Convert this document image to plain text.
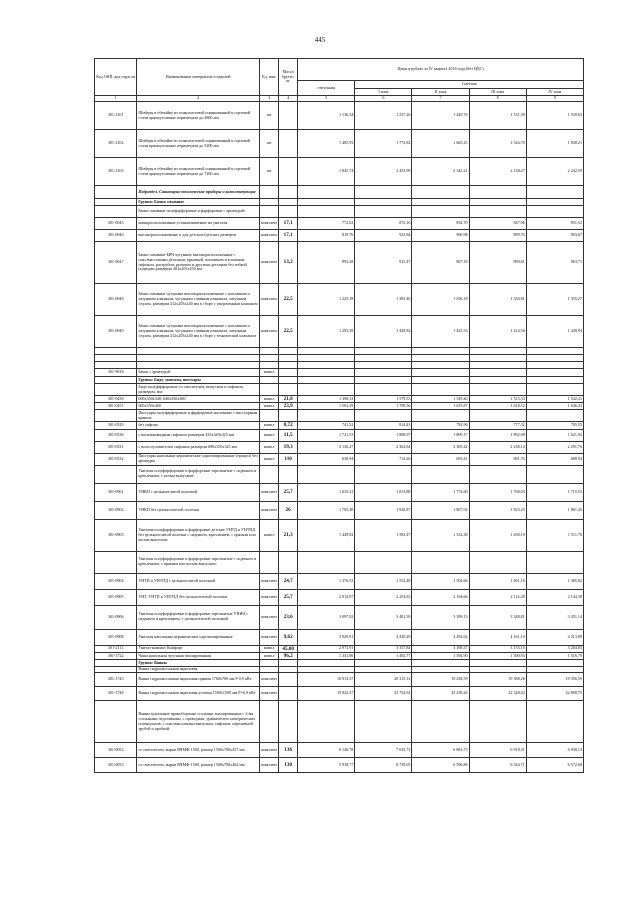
445
Код ОКП, код отрасли	Наименование материалов и изделий	Ед. изм.	Масса брутто, кг	Цены в рублях за IV квартал 2016 года (без НДС)				
				отпускная	Сметная			
					I зона	II зона	III зона	IV зона
1	2	3	4	5	6	7	8	9
301-2101	Шиберы в обечайке из тонколистовой оцинкованной и сортовой стали прямоугольные периметром до 4800 мм	шт		1 136,34	1 537,26	1 449,76	1 531,39	1 539,63
301-2102	Шиберы в обечайке из тонколистовой оцинкованной и сортовой стали прямоугольные периметром до 5200 мм	шт		1 485,93	1 772,82	1 665,25	1 544,70	1 838,21
301-2103	Шиберы в обечайке из тонколистовой оцинкованной и сортовой стали прямоугольные периметром до 7200 мм	шт		1 845,74	2 453,99	2 345,21	2 138,27	2 242,59
	Подраздел. Санитарно-технические приборы и комплектующие							
	Группа: Бачки смывные							
	Бачки смывные полуфарфоровые и фарфоровые с арматурой:							
301-0045	низкорасположенные устанавливаемые на унитазы	комплект	17,1	772,02	872,16	854,70	847,96	851,52
301-0046	высокорасположенные и для детского/детских размеров	комплект	17,1	819,76	923,84	900,98	899,76	903,67
301-0047	Бачки смывные БВЧ чугунные высокорасположенные с пластмассовыми деталями: крышкой, поплавком и клапаном, сифоном, раструбом, рычагом и другими деталями без гибкой подводки размером 402х205х250 мм	комплект	13,2	893,28	915,47	867,18	899,61	963,71
301-0048	Бачки смывные чугунные высокорасположенные с поплавком и латунным клапаном, чугунным сливным клапаном, латунным седлом, размером 412х205х240 мм в сборе с укороченным клапаном	комплект	22,5	1 225,18	1 383,40	1 356,18	1 330,81	1 355,27
301-0049	Бачки смывные чугунные высокорасположенные с поплавком и латунным клапаном, чугунным сливным клапаном, латунным седлом, размером 412х205х240 мм в сборе с технической клапаном	комплект	22,5	1 293,39	1 449,82	1 425,53	1 414,56	1 449,94

301-9018	Бачок с арматурой	компл						
	Группа: Биде, унитазы, писсуары							
	Биде полуфарфоровые со смесителем, выпуском и сифоном, размером, мм:							
301-0450	600х350х348; 640х350х380	компл	21,8	1 398,33	1 579,53	1 549,40	1 515,33	1 542,41
301-0451	600х350х400	компл	23,9	1 563,29	1 708,56	1 655,87	1 618,52	1 646,43
	Писсуары полуфарфоровые и фарфоровые настенные с писсуарным краном:							
301-0529	без сифона	компл	8,72	741,32	814,43	792,96	777,32	785,55
301-0530	с васильковидным сифоном размером 435х340х325 мм	компл	11,5	1 721,53	1 808,97	1 809,17	1 892,98	1 621,92
301-0531	с волосоуловителем сифоном размером 680х350х325 мм	компл	19,3	2 136,27	2 362,84	2 305,42	2 238,14	2 291,76
301-0532	Писсуары напольные керамические однотипированные (прицел) без арматуры	компл	110	630,94	714,26	693,41	681,76	688,94
	Унитазы полуфарфоровые и фарфоровые тарельчатые с сиденьем и креплением, с косым выпуском:							
301-0901	УНКП с цельноотлитой полочкой	комплект	25,7	1 635,31	1 813,88	1 774,60	1 768,03	1 710,55
301-0902	УНКП без цельноотлитой полочки	комплект	26	1 705,40	1 926,87	1 867,92	1 823,25	1 861,45
301-0903	Унитазы полуфарфоровые и фарфоровые детские УНТД и УНТПД без цельноотлитой полочки с сиденьем, креплением, с прямым или косым выпуском	компл	21,3	1 449,02	1 583,47	1 532,30	1 458,19	1 511,76
	Унитазы полуфарфоровые и фарфоровые тарельчатые с сиденьем и креплением, с прямым или косым выпуском:							
301-0904	УНТП и УНТПД с цельноотлитой полочкой	комплект	24,7	1 376,53	1 552,48	1 504,66	1 461,16	1 485,82
301-0905	УНТ, УНТП и УНТПД без цельноотлитой полочки	комплект	25,7	2 014,97	2 254,83	2 194,66	2 114,28	2 144,38
301-0906	Унитазы полуфарфоровые и фарфоровые тарельчатые УНИЦ с сиденьем и креплением, с цельноотлитой полочкой	комплект	23,6	3 097,92	3 481,39	3 399,13	3 348,81	3 451,14
301-0908	Унитазы напольные керамические однотипированные	комплект	9,62	3 929,91	4 430,29	4 292,62	4 161,10	4 213,89
301-2111	Унитаз-компакт Комфорт	компл	45,00	2 973,91	3 357,84	3 168,37	3 153,16	3 204,83
301-1722	Чаша напольная чугунная эмалированная	компл	96,2	1 341,86	1 492,77	1 394,90	1 300,93	1 516,79
	Группа: Ванны							
	Ванна гидромассажная акриловая							
301-1743	Ванна гидромассажная акриловая прямая 1700х700 мм Р 0,9 кВт	комплект		16 913,37	20 215,12	19 238,59	19 388,26	19 356,59
301-1748	Ванна гидромассажная акриловая угловая 1500х1500 мм Р=0,9 кВт	комплект		19 822,37	23 754,92	23 238,44	22 328,42	22 808,75
	Ванны купальные прямобортные стальные эмалированные с 2-мя стальными подставками, с проводами, уравнителем электрических потенциалов, с пластмассовыми выпуском, сифоном, переливной трубой и пробкой:							
301-0052	со смесителем, марки ВЧМФ-1500, размер 1500х700х457 мм	комплект	136	6 146,78	7 025,71	6 863,75	6 918,31	6 938,13
301-0053	со смесителем, марки ВЧМФ-1500, размер 1500х700х462 мм	комплект	130	5 918,77	6 739,05	6 596,86	6 544,71	6 572,68
